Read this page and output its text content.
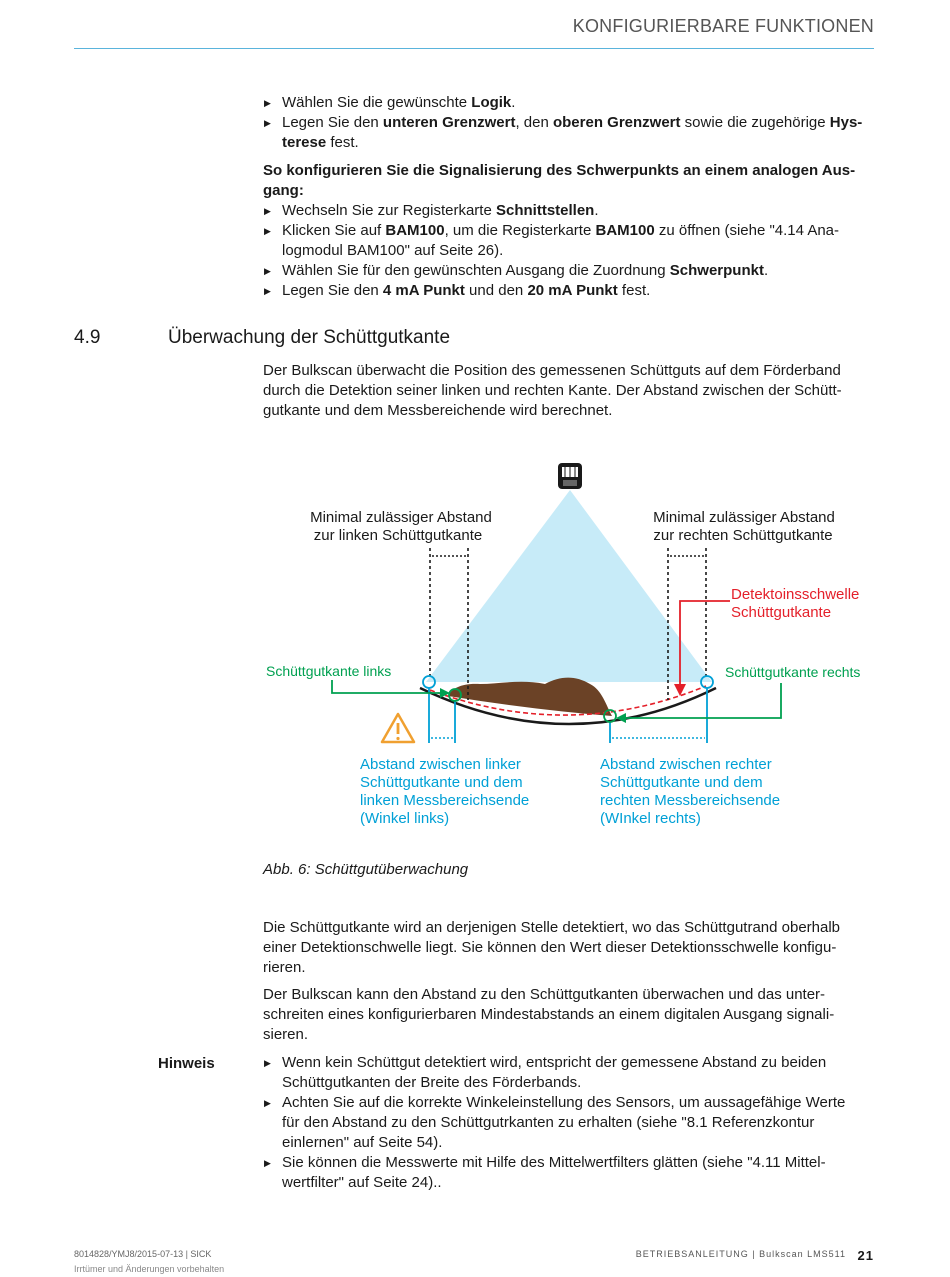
KONFIGURIERBARE FUNKTIONEN
▶ Wählen Sie die gewünschte Logik.
▶ Legen Sie den unteren Grenzwert, den oberen Grenzwert sowie die zugehörige Hys-
terese fest.
So konfigurieren Sie die Signalisierung des Schwerpunkts an einem analogen Aus-
gang:
▶ Wechseln Sie zur Registerkarte Schnittstellen.
▶ Klicken Sie auf BAM100, um die Registerkarte BAM100 zu öffnen (siehe "4.14 Ana-
logmodul BAM100" auf Seite 26).
▶ Wählen Sie für den gewünschten Ausgang die Zuordnung Schwerpunkt.
▶ Legen Sie den 4 mA Punkt und den 20 mA Punkt fest.
4.9	Überwachung der Schüttgutkante
Der Bulkscan überwacht die Position des gemessenen Schüttguts auf dem Förderband
durch die Detektion seiner linken und rechten Kante. Der Abstand zwischen der Schütt-
gutkante und dem Messbereichende wird berechnet.
Minimal zulässiger Abstand zur linken Schüttgutkante
Minimal zulässiger Abstand zur rechten Schüttgutkante
Detektoinsschwelle Schüttgutkante
Schüttgutkante links	Schüttgutkante rechts
Abstand zwischen linker Schüttgutkante und dem linken Messbereichsende (Winkel links)
Abstand zwischen rechter Schüttgutkante und dem rechten Messbereichsende (WInkel rechts)
Abb. 6: Schüttgutüberwachung
Die Schüttgutkante wird an derjenigen Stelle detektiert, wo das Schüttgutrand oberhalb
einer Detektionschwelle liegt. Sie können den Wert dieser Detektionsschwelle konfigu-
rieren.
Der Bulkscan kann den Abstand zu den Schüttgutkanten überwachen und das unter-
schreiten eines konfigurierbaren Mindestabstands an einem digitalen Ausgang signali-
sieren.
Hinweis
▶	Wenn kein Schüttgut detektiert wird, entspricht der gemessene Abstand zu beiden
Schüttgutkanten der Breite des Förderbands.
▶ Achten Sie auf die korrekte Winkeleinstellung des Sensors, um aussagefähige Werte
für den Abstand zu den Schüttgutrkanten zu erhalten (siehe "8.1 Referenzkontur
einlernen" auf Seite 54).
▶ Sie können die Messwerte mit Hilfe des Mittelwertfilters glätten (siehe "4.11 Mittel-
wertfilter" auf Seite 24)..
8014828/YMJ8/2015-07-13 | SICK
Irrtümer und Änderungen vorbehalten
BETRIEBSANLEITUNG | Bulkscan LMS511 21
